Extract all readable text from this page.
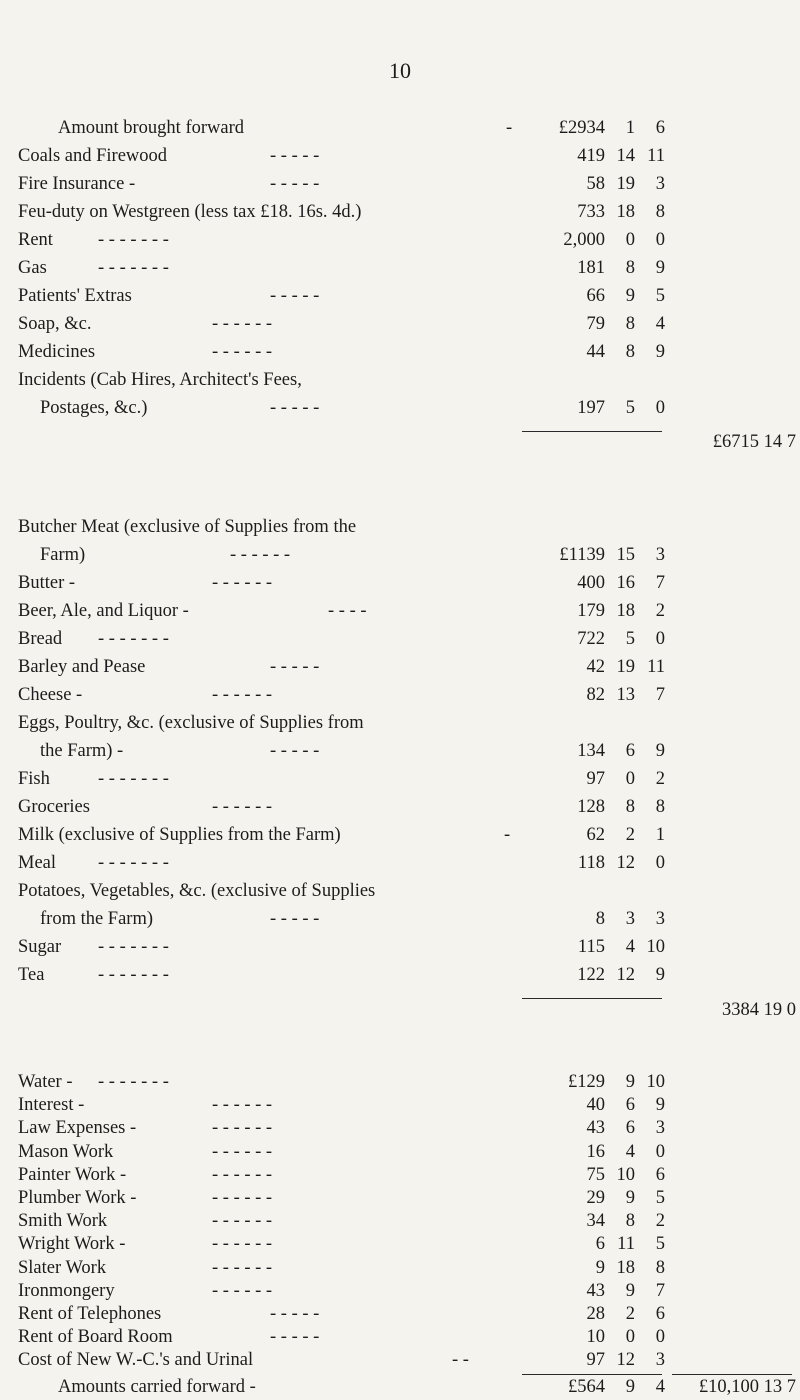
10
Amount brought forward	-	£2934	1	6
Coals and Firewood	- - - - -	419 14 11
Fire Insurance -	- - - - -	58 19	3
Feu-duty on Westgreen (less tax £18. 16s. 4d.)	733 18	8
Rent - - - - - - -	2,000	0	0
Gas	- - - - - - -	181	8	9
Patients' Extras	- - - - -	66	9	5
Soap, &c.	- - - - - -	79	8	4
Medicines	- - - - - -	44	8	9
Incidents (Cab Hires, Architect's Fees,
Postages, &c.)	- - - - -	197	5	0
£6715 14 7
Butcher Meat (exclusive of Supplies from the
Farm)	- - - - - -	£1139 15	3
Butter -	- - - - - -	400 16	7
Beer, Ale, and Liquor -	- - - -	179 18	2
Bread - - - - - - -	722	5	0
Barley and Pease	- - - - -	42 19 11
Cheese -	- - - - - -	82 13	7
Eggs, Poultry, &c. (exclusive of Supplies from
the Farm) -	- - - - -	134	6	9
Fish	- - - - - - -	97	0	2
Groceries	- - - - - -	128	8	8
Milk (exclusive of Supplies from the Farm)	-	62	2	1
Meal - - - - - - -	118 12	0
Potatoes, Vegetables, &c. (exclusive of Supplies
from the Farm)	- - - - -	8	3	3
Sugar - - - - - - -	115	4 10
Tea	- - - - - - -	122 12	9
3384 19 0
Water - - - - - - - -	£129	9 10
Interest -	- - - - - -	40	6	9
Law Expenses -	- - - - - -	43	6	3
Mason Work	- - - - - -	16	4	0
Painter Work -	- - - - - -	75 10	6
Plumber Work -	- - - - - -	29	9	5
Smith Work	- - - - - -	34	8	2
Wright Work -	- - - - - -	6 11	5
Slater Work	- - - - - -	9 18	8
Ironmongery	- - - - - -	43	9	7
Rent of Telephones	- - - - -	28	2	6
Rent of Board Room	- - - - -	10	0	0
Cost of New W.-C.'s and Urinal	- -	97 12	3
Amounts carried forward -	£564	9	4 £10,100 13 7
